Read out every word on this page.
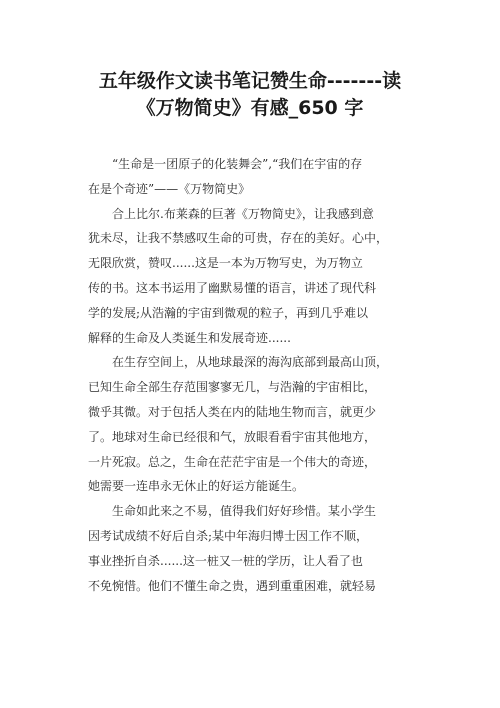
五年级作文读书笔记赞生命-------读
《万物简史》有感_650 字
“生命是一团原子的化装舞会”,“我们在宇宙的存
在是个奇迹”——《万物简史》
合上比尔.布莱森的巨著《万物简史》，让我感到意
犹未尽，让我不禁感叹生命的可贵，存在的美好。心中，
无限欣赏，赞叹......这是一本为万物写史，为万物立
传的书。这本书运用了幽默易懂的语言，讲述了现代科
学的发展;从浩瀚的宇宙到微观的粒子，再到几乎难以
解释的生命及人类诞生和发展奇迹......
在生存空间上，从地球最深的海沟底部到最高山顶，
已知生命全部生存范围寥寥无几，与浩瀚的宇宙相比，
微乎其微。对于包括人类在内的陆地生物而言，就更少
了。地球对生命已经很和气，放眼看看宇宙其他地方，
一片死寂。总之，生命在茫茫宇宙是一个伟大的奇迹，
她需要一连串永无休止的好运方能诞生。
生命如此来之不易，值得我们好好珍惜。某小学生
因考试成绩不好后自杀;某中年海归博士因工作不顺，
事业挫折自杀......这一桩又一桩的学历，让人看了也
不免惋惜。他们不懂生命之贵，遇到重重困难，就轻易
